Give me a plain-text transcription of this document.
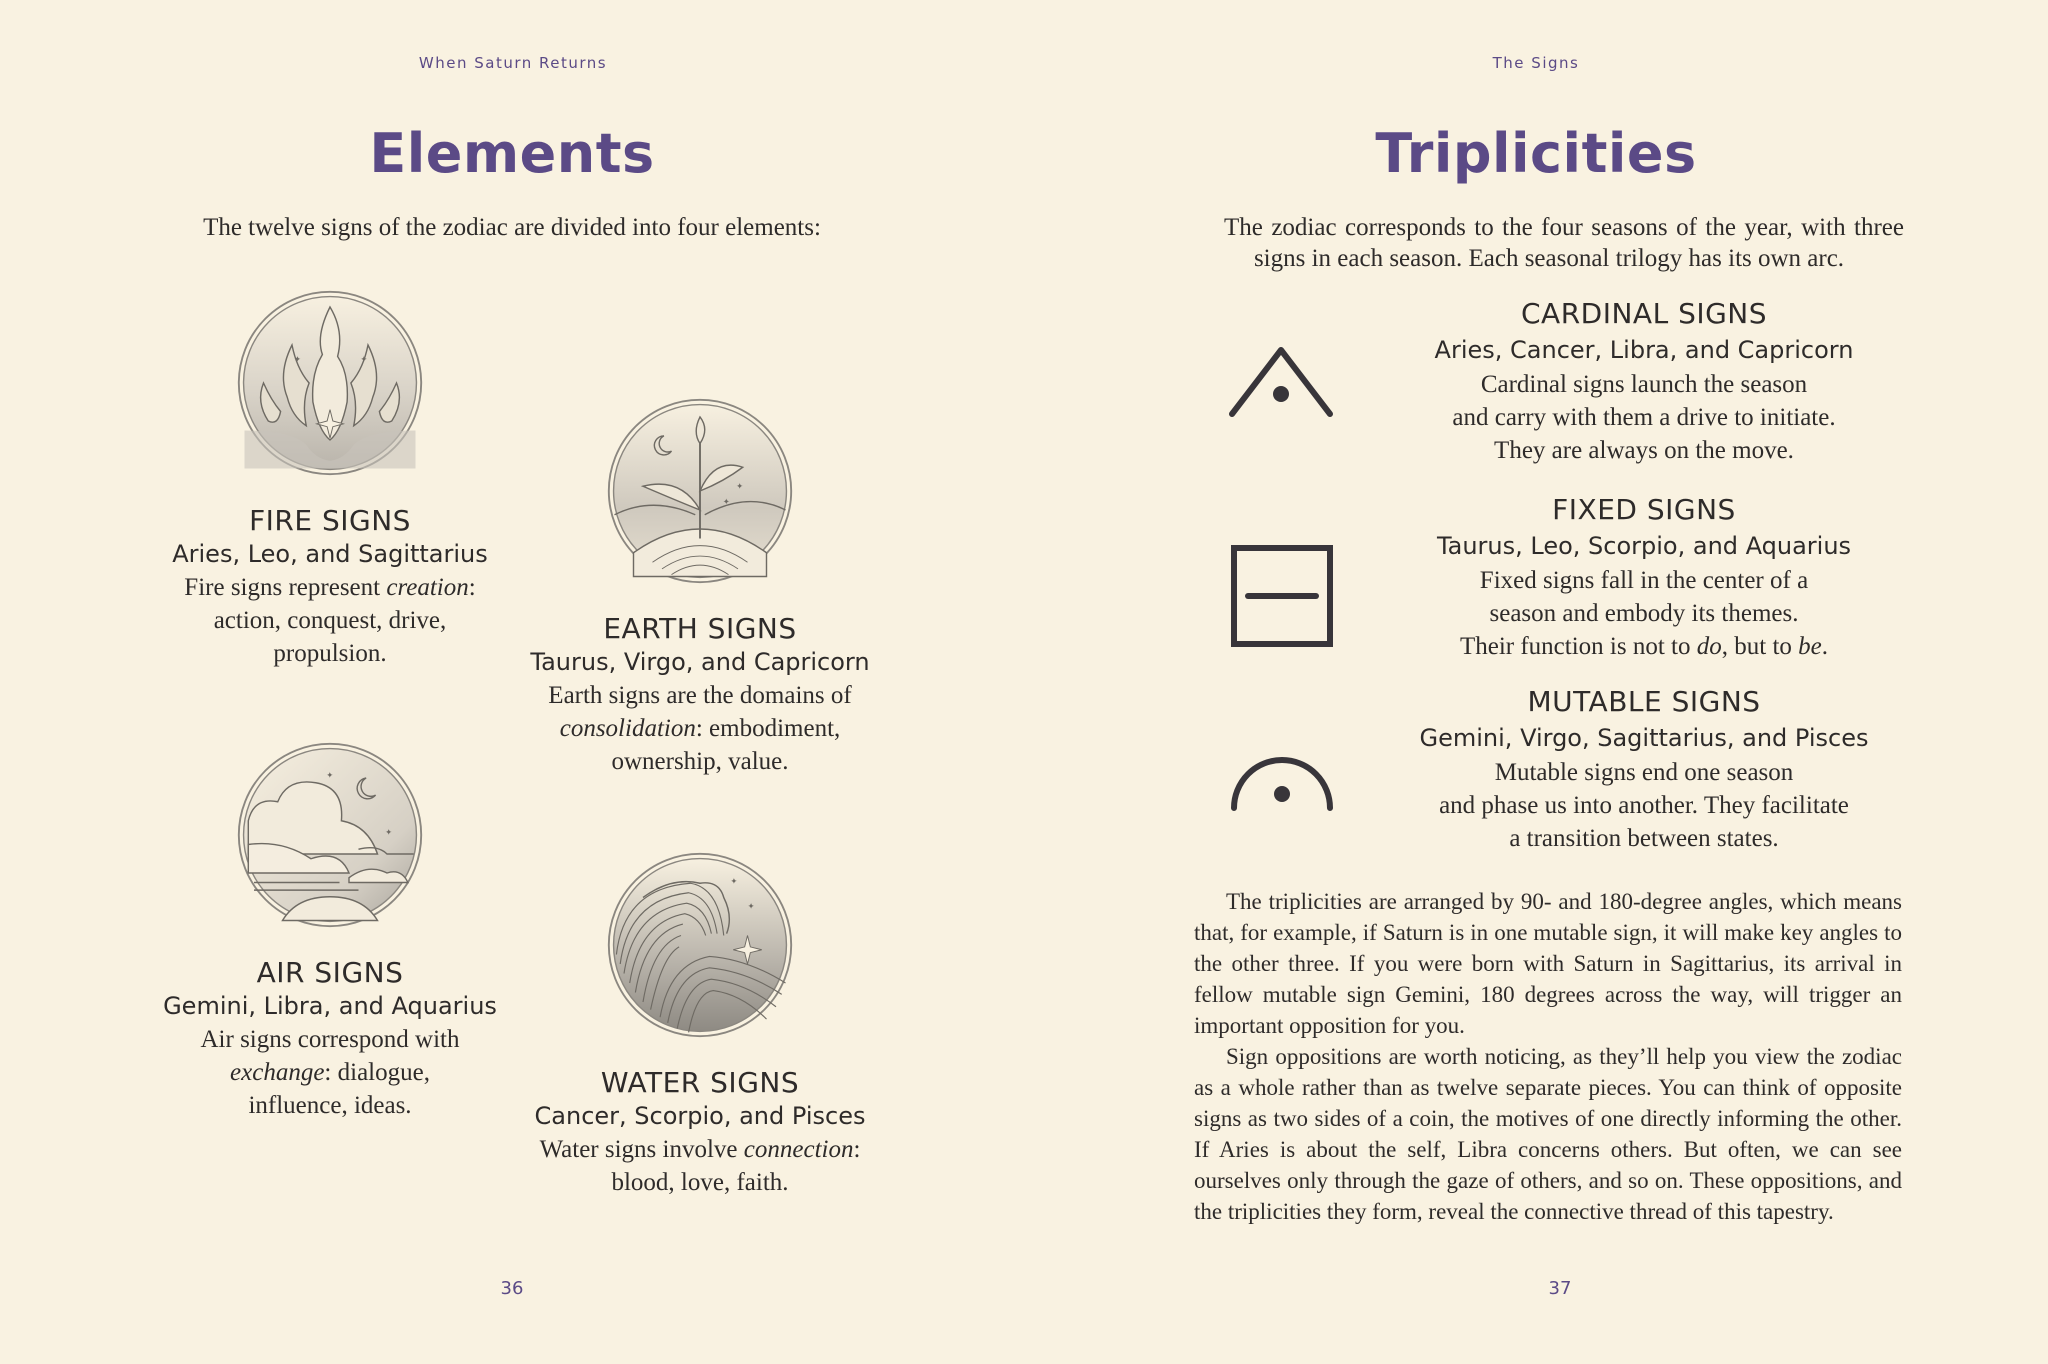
When Saturn Returns
Elements
The twelve signs of the zodiac are divided into four elements:
✦	✦
FIRE SIGNS
Aries, Leo, and Sagittarius
Fire signs represent creation: action, conquest, drive, propulsion.
✦
✦
EARTH SIGNS
Taurus, Virgo, and Capricorn
Earth signs are the domains of consolidation: embodiment, ownership, value.
✦
✦
AIR SIGNS
Gemini, Libra, and Aquarius
Air signs correspond with exchange: dialogue, influence, ideas.
✦
✦
WATER SIGNS
Cancer, Scorpio, and Pisces
Water signs involve connection: blood, love, faith.
36
The Signs
Triplicities
The zodiac corresponds to the four seasons of the year, with three signs in each season. Each seasonal trilogy has its own arc.
CARDINAL SIGNS
Aries, Cancer, Libra, and Capricorn
Cardinal signs launch the season
and carry with them a drive to initiate.
They are always on the move.
FIXED SIGNS
Taurus, Leo, Scorpio, and Aquarius
Fixed signs fall in the center of a
season and embody its themes.
Their function is not to do, but to be.
MUTABLE SIGNS
Gemini, Virgo, Sagittarius, and Pisces
Mutable signs end one season
and phase us into another. They facilitate
a transition between states.

The triplicities are arranged by 90- and 180-degree angles, which means that, for example, if Saturn is in one mutable sign, it will make key angles to the other three. If you were born with Saturn in Sagittarius, its arrival in fellow mutable sign Gemini, 180 degrees across the way, will trigger an important opposition for you.

Sign oppositions are worth noticing, as they’ll help you view the zodiac as a whole rather than as twelve separate pieces. You can think of opposite signs as two sides of a coin, the motives of one directly informing the other. If Aries is about the self, Libra concerns others. But often, we can see ourselves only through the gaze of others, and so on. These oppositions, and the triplicities they form, reveal the connective thread of this tapestry.

37
